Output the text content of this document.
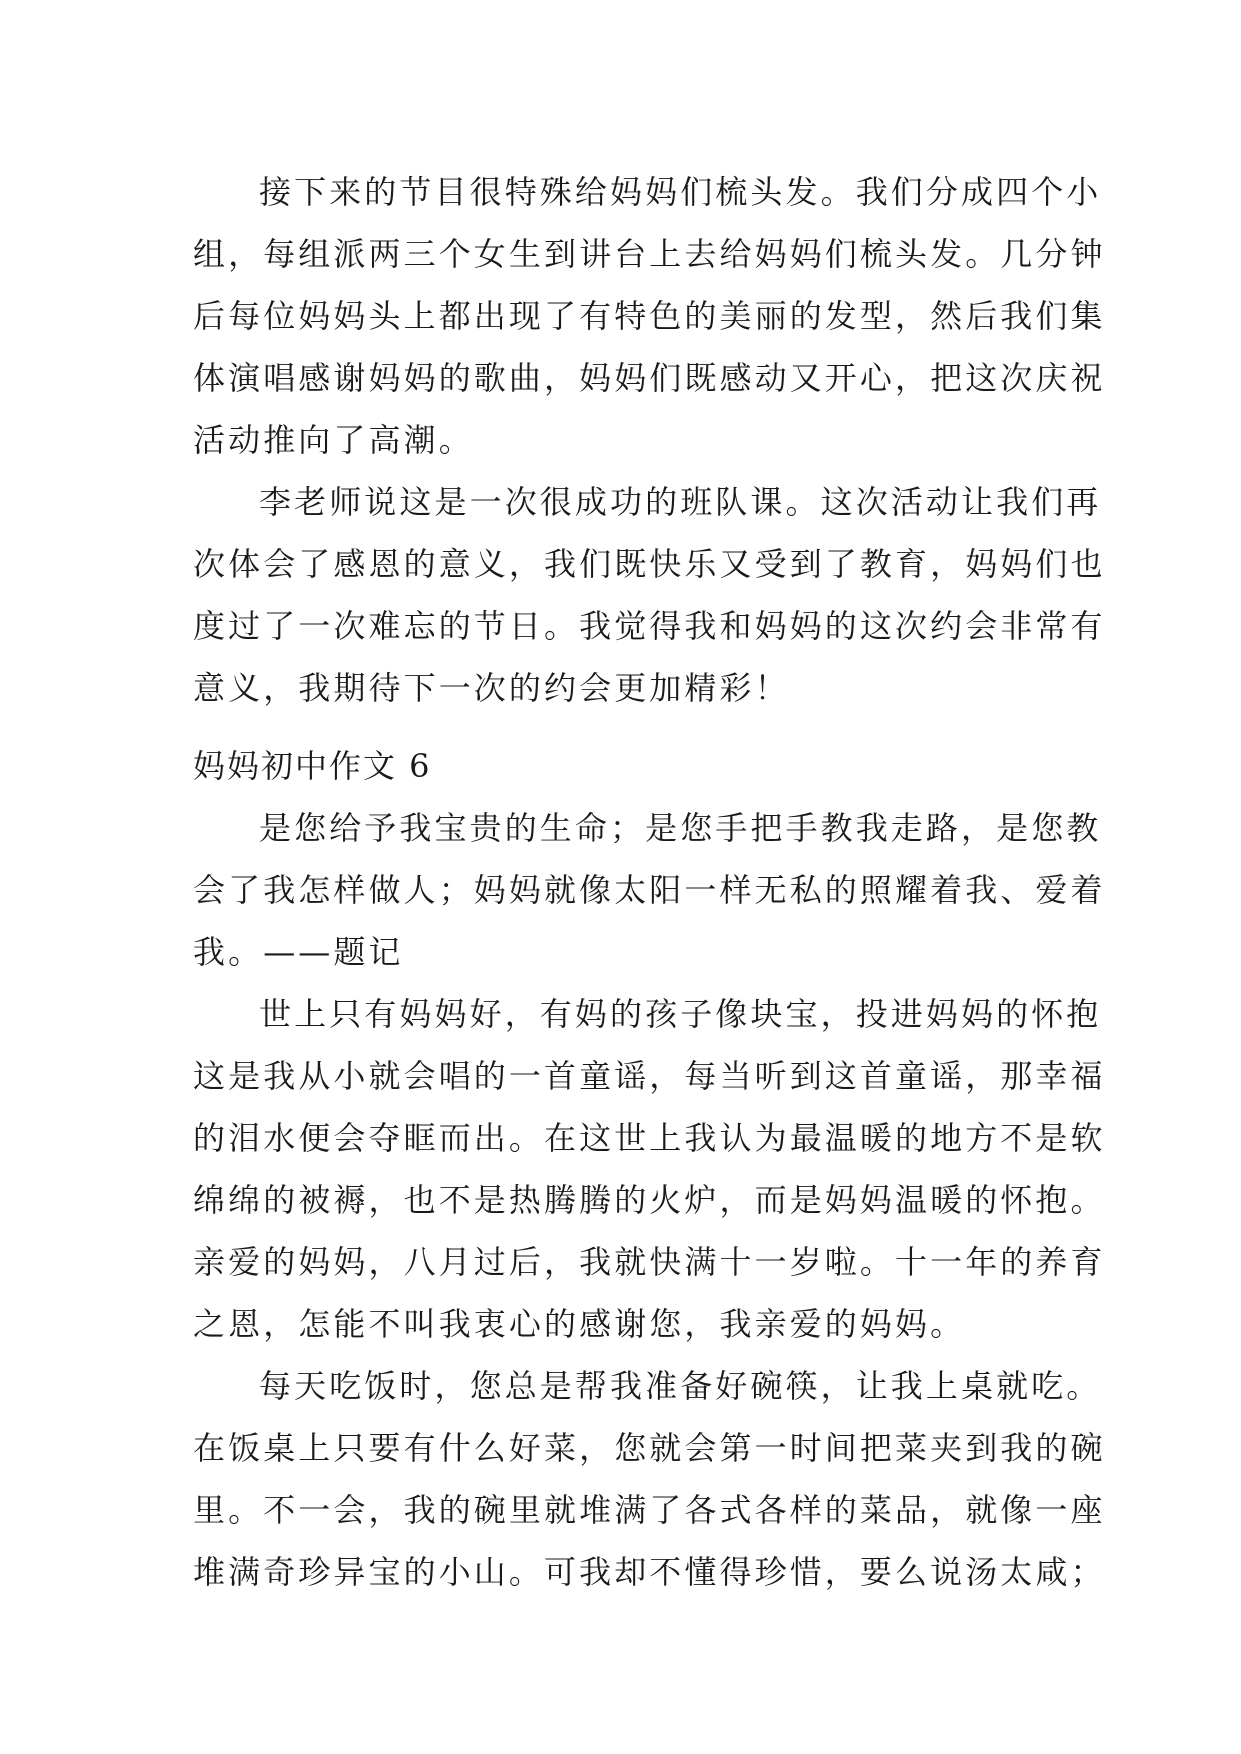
接下来的节目很特殊给妈妈们梳头发。我们分成四个小
组，每组派两三个女生到讲台上去给妈妈们梳头发。几分钟
后每位妈妈头上都出现了有特色的美丽的发型，然后我们集
体演唱感谢妈妈的歌曲，妈妈们既感动又开心，把这次庆祝
活动推向了高潮。
李老师说这是一次很成功的班队课。这次活动让我们再
次体会了感恩的意义，我们既快乐又受到了教育，妈妈们也
度过了一次难忘的节日。我觉得我和妈妈的这次约会非常有
意义，我期待下一次的约会更加精彩！
妈妈初中作文 6
是您给予我宝贵的生命；是您手把手教我走路，是您教
会了我怎样做人；妈妈就像太阳一样无私的照耀着我、爱着
我。——题记
世上只有妈妈好，有妈的孩子像块宝，投进妈妈的怀抱
这是我从小就会唱的一首童谣，每当听到这首童谣，那幸福
的泪水便会夺眶而出。在这世上我认为最温暖的地方不是软
绵绵的被褥，也不是热腾腾的火炉，而是妈妈温暖的怀抱。
亲爱的妈妈，八月过后，我就快满十一岁啦。十一年的养育
之恩，怎能不叫我衷心的感谢您，我亲爱的妈妈。
每天吃饭时，您总是帮我准备好碗筷，让我上桌就吃。
在饭桌上只要有什么好菜，您就会第一时间把菜夹到我的碗
里。不一会，我的碗里就堆满了各式各样的菜品，就像一座
堆满奇珍异宝的小山。可我却不懂得珍惜，要么说汤太咸；
